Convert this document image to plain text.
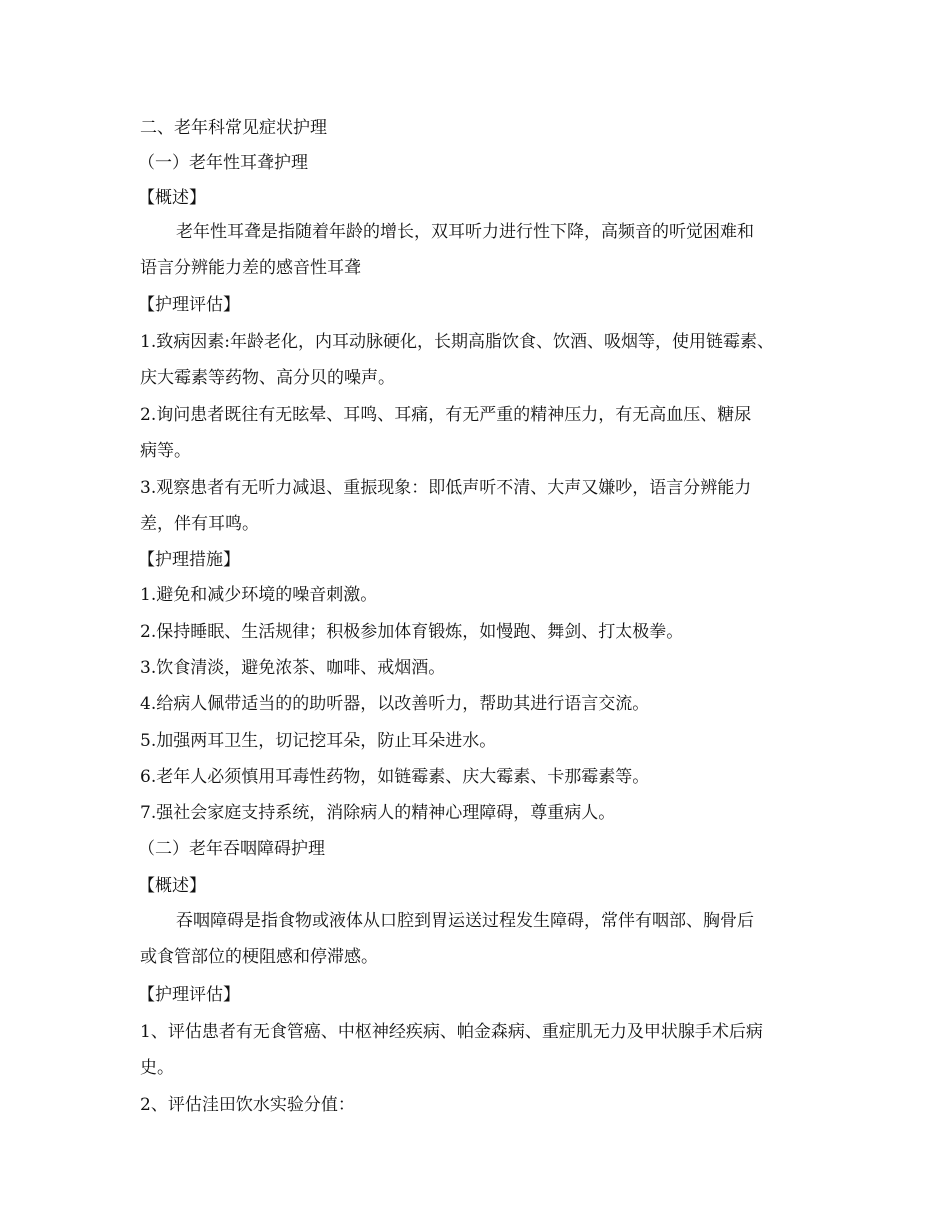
二、老年科常见症状护理
（一）老年性耳聋护理
【概述】
老年性耳聋是指随着年龄的增长，双耳听力进行性下降，高频音的听觉困难和
语言分辨能力差的感音性耳聋
【护理评估】
1.致病因素:年龄老化，内耳动脉硬化，长期高脂饮食、饮酒、吸烟等，使用链霉素、
庆大霉素等药物、高分贝的噪声。
2.询问患者既往有无眩晕、耳鸣、耳痛，有无严重的精神压力，有无高血压、糖尿
病等。
3.观察患者有无听力减退、重振现象：即低声听不清、大声又嫌吵，语言分辨能力
差，伴有耳鸣。
【护理措施】
1.避免和减少环境的噪音刺激。
2.保持睡眠、生活规律；积极参加体育锻炼，如慢跑、舞剑、打太极拳。
3.饮食清淡，避免浓茶、咖啡、戒烟酒。
4.给病人佩带适当的的助听器，以改善听力，帮助其进行语言交流。
5.加强两耳卫生，切记挖耳朵，防止耳朵进水。
6.老年人必须慎用耳毒性药物，如链霉素、庆大霉素、卡那霉素等。
7.强社会家庭支持系统，消除病人的精神心理障碍，尊重病人。
（二）老年吞咽障碍护理
【概述】
吞咽障碍是指食物或液体从口腔到胃运送过程发生障碍，常伴有咽部、胸骨后
或食管部位的梗阻感和停滞感。
【护理评估】
1、评估患者有无食管癌、中枢神经疾病、帕金森病、重症肌无力及甲状腺手术后病
史。
2、评估洼田饮水实验分值：
